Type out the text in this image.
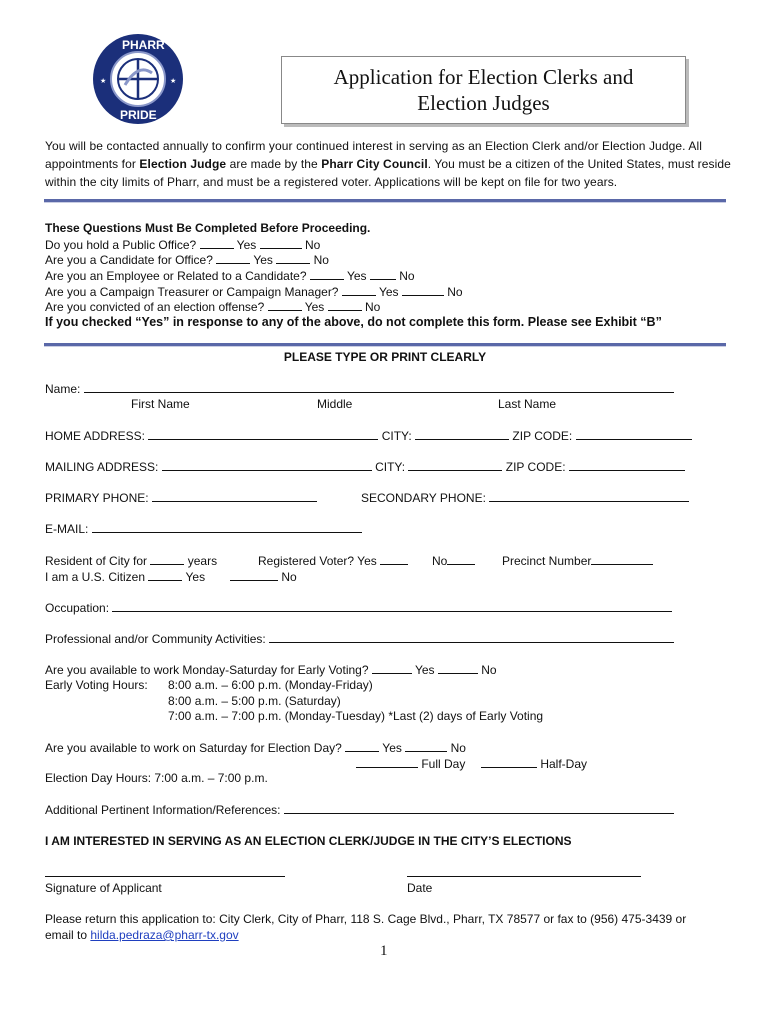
★	★
PHARR
PRIDE
Application for Election Clerks and
Election Judges
You will be contacted annually to confirm your continued interest in serving as an Election Clerk and/or Election Judge. All appointments for Election Judge are made by the Pharr City Council. You must be a citizen of the United States, must reside within the city limits of Pharr, and must be a registered voter. Applications will be kept on file for two years.
These Questions Must Be Completed Before Proceeding.
Do you hold a Public Office?	Yes	No
Are you a Candidate for Office?	Yes	No
Are you an Employee or Related to a Candidate?	Yes	No
Are you a Campaign Treasurer or Campaign Manager?	Yes	No
Are you convicted of an election offense?	Yes	No
If you checked “Yes” in response to any of the above, do not complete this form. Please see Exhibit “B”
PLEASE TYPE OR PRINT CLEARLY
Name:
First Name	Middle	Last Name
HOME ADDRESS:	CITY:	ZIP CODE:
MAILING ADDRESS:	CITY:	ZIP CODE:
PRIMARY PHONE:	SECONDARY PHONE:
E-MAIL:
Resident of City for	years	Registered Voter? Yes	No	Precinct Number
I am a U.S. Citizen	Yes	No
Occupation:
Professional and/or Community Activities:
Are you available to work Monday-Saturday for Early Voting?	Yes	No
Early Voting Hours: 8:00 a.m. – 6:00 p.m. (Monday-Friday)
8:00 a.m. – 5:00 p.m. (Saturday)
7:00 a.m. – 7:00 p.m. (Monday-Tuesday) *Last (2) days of Early Voting
Are you available to work on Saturday for Election Day?	Yes	No
Full Day	Half-Day
Election Day Hours: 7:00 a.m. – 7:00 p.m.
Additional Pertinent Information/References:
I AM INTERESTED IN SERVING AS AN ELECTION CLERK/JUDGE IN THE CITY’S ELECTIONS
Signature of Applicant	Date
Please return this application to: City Clerk, City of Pharr, 118 S. Cage Blvd., Pharr, TX 78577 or fax to (956) 475-3439 or
email to hilda.pedraza@pharr-tx.gov
1
